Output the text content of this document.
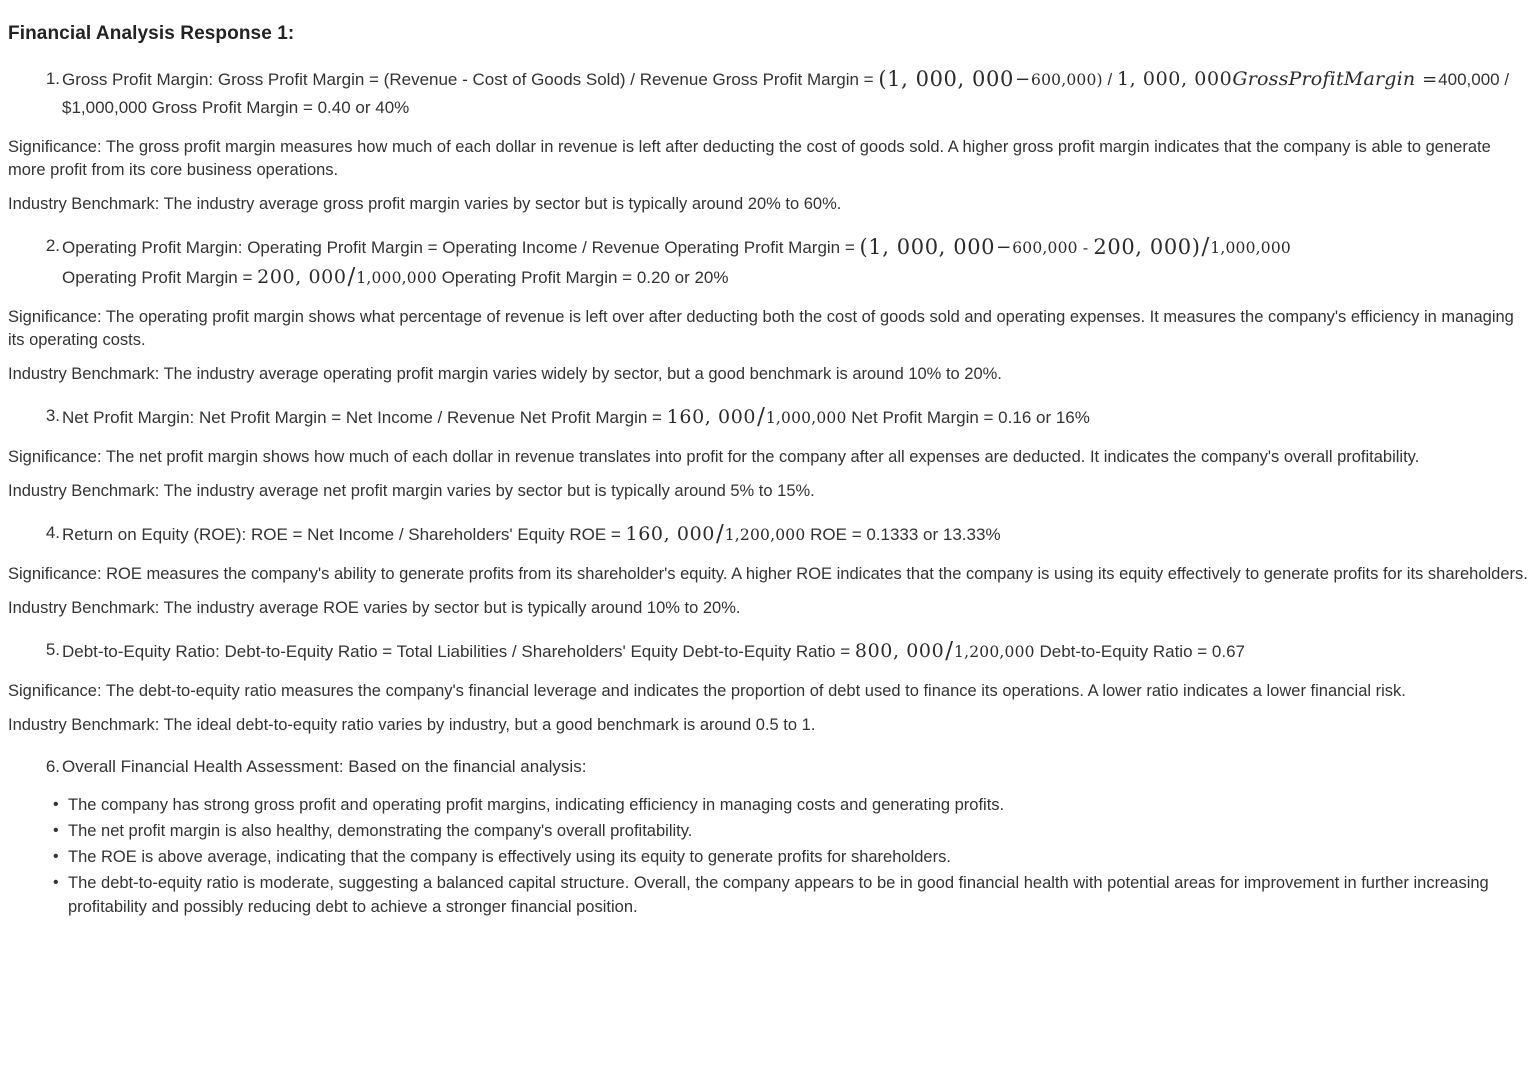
Financial Analysis Response 1:
1. Gross Profit Margin: Gross Profit Margin = (Revenue - Cost of Goods Sold) / Revenue Gross Profit Margin = (1, 000, 000−600,000) / 1, 000, 000GrossProfitMargin =400,000 / $1,000,000 Gross Profit Margin = 0.40 or 40%

Significance: The gross profit margin measures how much of each dollar in revenue is left after deducting the cost of goods sold. A higher gross profit margin indicates that the company is able to generate more profit from its core business operations.

Industry Benchmark: The industry average gross profit margin varies by sector but is typically around 20% to 60%.

2. Operating Profit Margin: Operating Profit Margin = Operating Income / Revenue Operating Profit Margin = (1, 000, 000−600,000 - 200, 000)/1,000,000
Operating Profit Margin = 200, 000/1,000,000 Operating Profit Margin = 0.20 or 20%

Significance: The operating profit margin shows what percentage of revenue is left over after deducting both the cost of goods sold and operating expenses. It measures the company's efficiency in managing its operating costs.

Industry Benchmark: The industry average operating profit margin varies widely by sector, but a good benchmark is around 10% to 20%.

3. Net Profit Margin: Net Profit Margin = Net Income / Revenue Net Profit Margin = 160, 000/1,000,000 Net Profit Margin = 0.16 or 16%

Significance: The net profit margin shows how much of each dollar in revenue translates into profit for the company after all expenses are deducted. It indicates the company's overall profitability.

Industry Benchmark: The industry average net profit margin varies by sector but is typically around 5% to 15%.

4. Return on Equity (ROE): ROE = Net Income / Shareholders' Equity ROE = 160, 000/1,200,000 ROE = 0.1333 or 13.33%

Significance: ROE measures the company's ability to generate profits from its shareholder's equity. A higher ROE indicates that the company is using its equity effectively to generate profits for its shareholders.

Industry Benchmark: The industry average ROE varies by sector but is typically around 10% to 20%.

5. Debt-to-Equity Ratio: Debt-to-Equity Ratio = Total Liabilities / Shareholders' Equity Debt-to-Equity Ratio = 800, 000/1,200,000 Debt-to-Equity Ratio = 0.67

Significance: The debt-to-equity ratio measures the company's financial leverage and indicates the proportion of debt used to finance its operations. A lower ratio indicates a lower financial risk.

Industry Benchmark: The ideal debt-to-equity ratio varies by industry, but a good benchmark is around 0.5 to 1.

6. Overall Financial Health Assessment: Based on the financial analysis:
• The company has strong gross profit and operating profit margins, indicating efficiency in managing costs and generating profits.
• The net profit margin is also healthy, demonstrating the company's overall profitability.
• The ROE is above average, indicating that the company is effectively using its equity to generate profits for shareholders.
• The debt-to-equity ratio is moderate, suggesting a balanced capital structure. Overall, the company appears to be in good financial health with potential areas for improvement in further increasing profitability and possibly reducing debt to achieve a stronger financial position.
